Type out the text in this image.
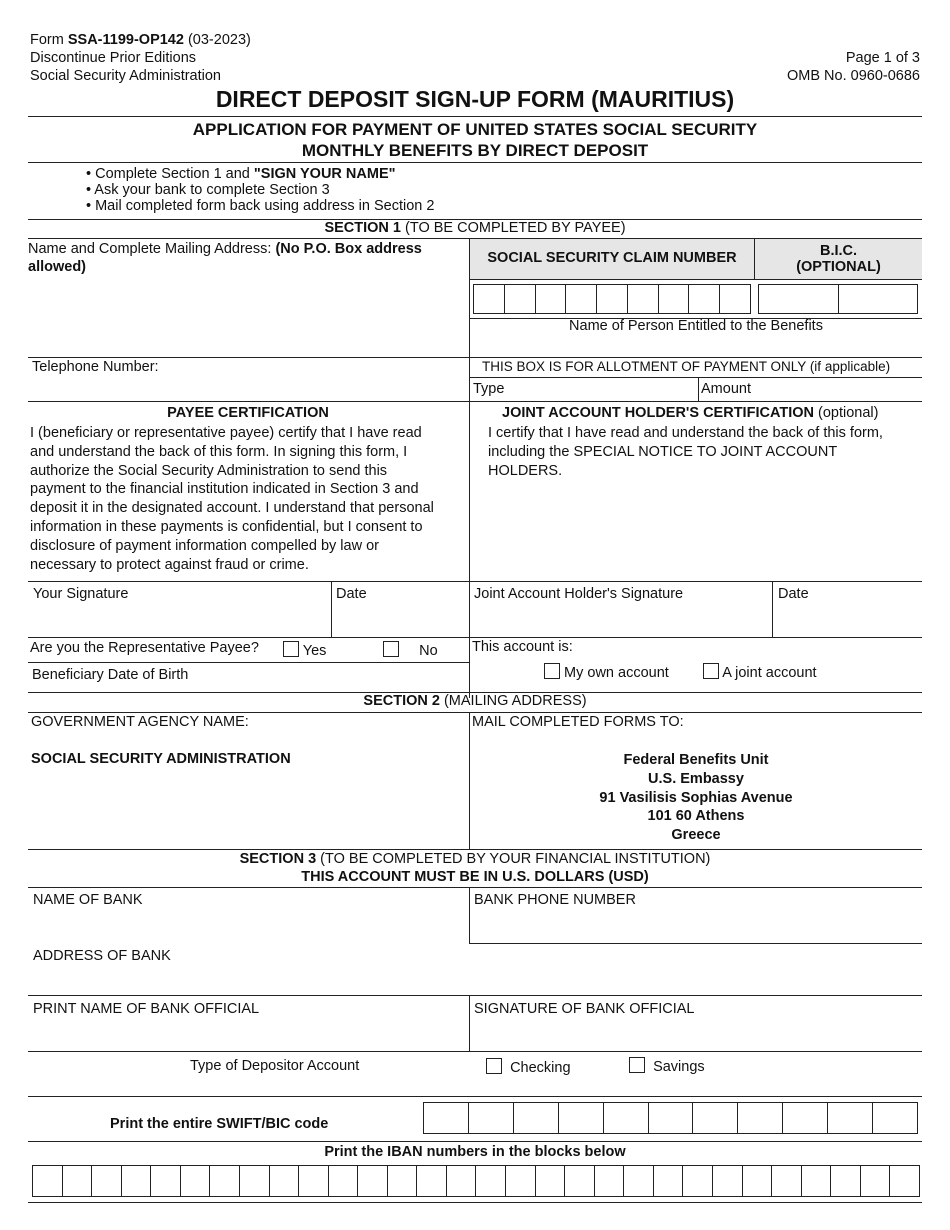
Form SSA-1199-OP142 (03-2023)
Discontinue Prior Editions
Social Security Administration
Page 1 of 3
OMB No. 0960-0686
DIRECT DEPOSIT SIGN-UP FORM (MAURITIUS)
APPLICATION FOR PAYMENT OF UNITED STATES SOCIAL SECURITY
MONTHLY BENEFITS BY DIRECT DEPOSIT
• Complete Section 1 and "SIGN YOUR NAME"
• Ask your bank to complete Section 3
• Mail completed form back using address in Section 2
SECTION 1 (TO BE COMPLETED BY PAYEE)
Name and Complete Mailing Address: (No P.O. Box address
allowed)
SOCIAL SECURITY CLAIM NUMBER	B.I.C.
(OPTIONAL)
Name of Person Entitled to the Benefits
Telephone Number:	THIS BOX IS FOR ALLOTMENT OF PAYMENT ONLY (if applicable)
Type	Amount
PAYEE CERTIFICATION
I (beneficiary or representative payee) certify that I have read
and understand the back of this form. In signing this form, I
authorize the Social Security Administration to send this
payment to the financial institution indicated in Section 3 and
deposit it in the designated account. I understand that personal
information in these payments is confidential, but I consent to
disclosure of payment information compelled by law or
necessary to protect against fraud or crime.
JOINT ACCOUNT HOLDER'S CERTIFICATION (optional)
I certify that I have read and understand the back of this form,
including the SPECIAL NOTICE TO JOINT ACCOUNT
HOLDERS.
Your Signature	Date	Joint Account Holder's Signature	Date
Are you the Representative Payee?	Yes	No
Beneficiary Date of Birth
This account is:
My own account	A joint account
SECTION 2 (MAILING ADDRESS)
GOVERNMENT AGENCY NAME:
SOCIAL SECURITY ADMINISTRATION
MAIL COMPLETED FORMS TO:
Federal Benefits Unit
U.S. Embassy
91 Vasilisis Sophias Avenue
101 60 Athens
Greece
SECTION 3 (TO BE COMPLETED BY YOUR FINANCIAL INSTITUTION)
THIS ACCOUNT MUST BE IN U.S. DOLLARS (USD)
NAME OF BANK	BANK PHONE NUMBER
ADDRESS OF BANK
PRINT NAME OF BANK OFFICIAL	SIGNATURE OF BANK OFFICIAL
Type of Depositor Account	Checking	Savings
Print the entire SWIFT/BIC code
Print the IBAN numbers in the blocks below
